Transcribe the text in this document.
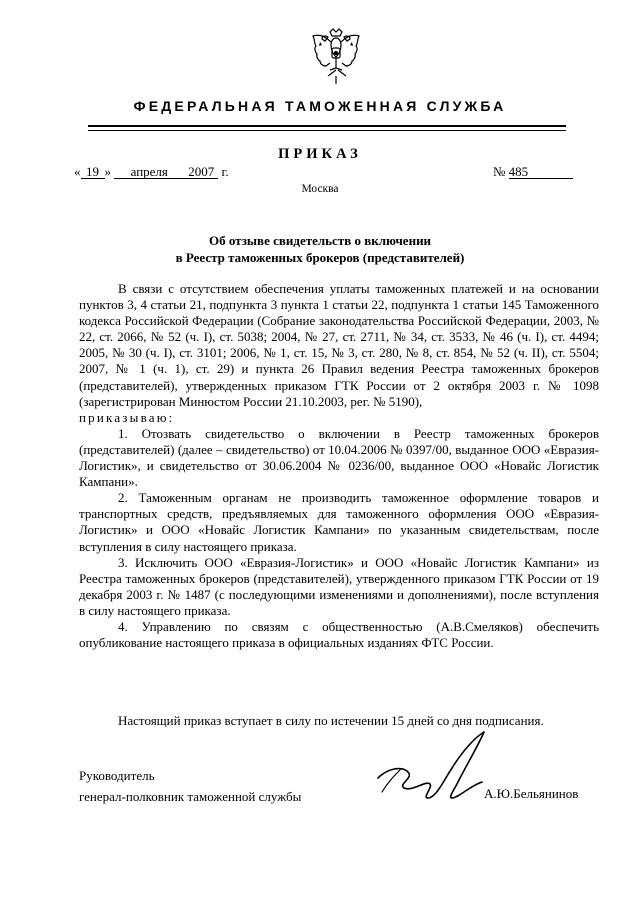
ФЕДЕРАЛЬНАЯ ТАМОЖЕННАЯ СЛУЖБА
ПРИКАЗ
« 19 » апреля 2007 г.
Москва
№ 485
Об отзыве свидетельств о включении
в Реестр таможенных брокеров (представителей)

В связи с отсутствием обеспечения уплаты таможенных платежей и на основании пунктов 3, 4 статьи 21, подпункта 3 пункта 1 статьи 22, подпункта 1 статьи 145 Таможенного кодекса Российской Федерации (Собрание законодательства Российской Федерации, 2003, № 22, ст. 2066, № 52 (ч. I), ст. 5038; 2004, № 27, ст. 2711, № 34, ст. 3533, № 46 (ч. I), ст. 4494; 2005, № 30 (ч. I), ст. 3101; 2006, № 1, ст. 15, № 3, ст. 280, № 8, ст. 854, № 52 (ч. II), ст. 5504; 2007, № 1 (ч. 1), ст. 29) и пункта 26 Правил ведения Реестра таможенных брокеров (представителей), утвержденных приказом ГТК России от 2 октября 2003 г. № 1098 (зарегистрирован Минюстом России 21.10.2003, рег. № 5190),

приказываю:

1. Отозвать свидетельство о включении в Реестр таможенных брокеров (представителей) (далее – свидетельство) от 10.04.2006 № 0397/00, выданное ООО «Евразия-Логистик», и свидетельство от 30.06.2004 № 0236/00, выданное ООО «Новайс Логистик Кампани».

2. Таможенным органам не производить таможенное оформление товаров и транспортных средств, предъявляемых для таможенного оформления ООО «Евразия-Логистик» и ООО «Новайс Логистик Кампани» по указанным свидетельствам, после вступления в силу настоящего приказа.

3. Исключить ООО «Евразия-Логистик» и ООО «Новайс Логистик Кампани» из Реестра таможенных брокеров (представителей), утвержденного приказом ГТК России от 19 декабря 2003 г. № 1487 (с последующими изменениями и дополнениями), после вступления в силу настоящего приказа.

4. Управлению по связям с общественностью (А.В.Смеляков) обеспечить опубликование настоящего приказа в официальных изданиях ФТС России.

Настоящий приказ вступает в силу по истечении 15 дней со дня подписания.
Руководитель
генерал-полковник таможенной службы	А.Ю.Бельянинов
